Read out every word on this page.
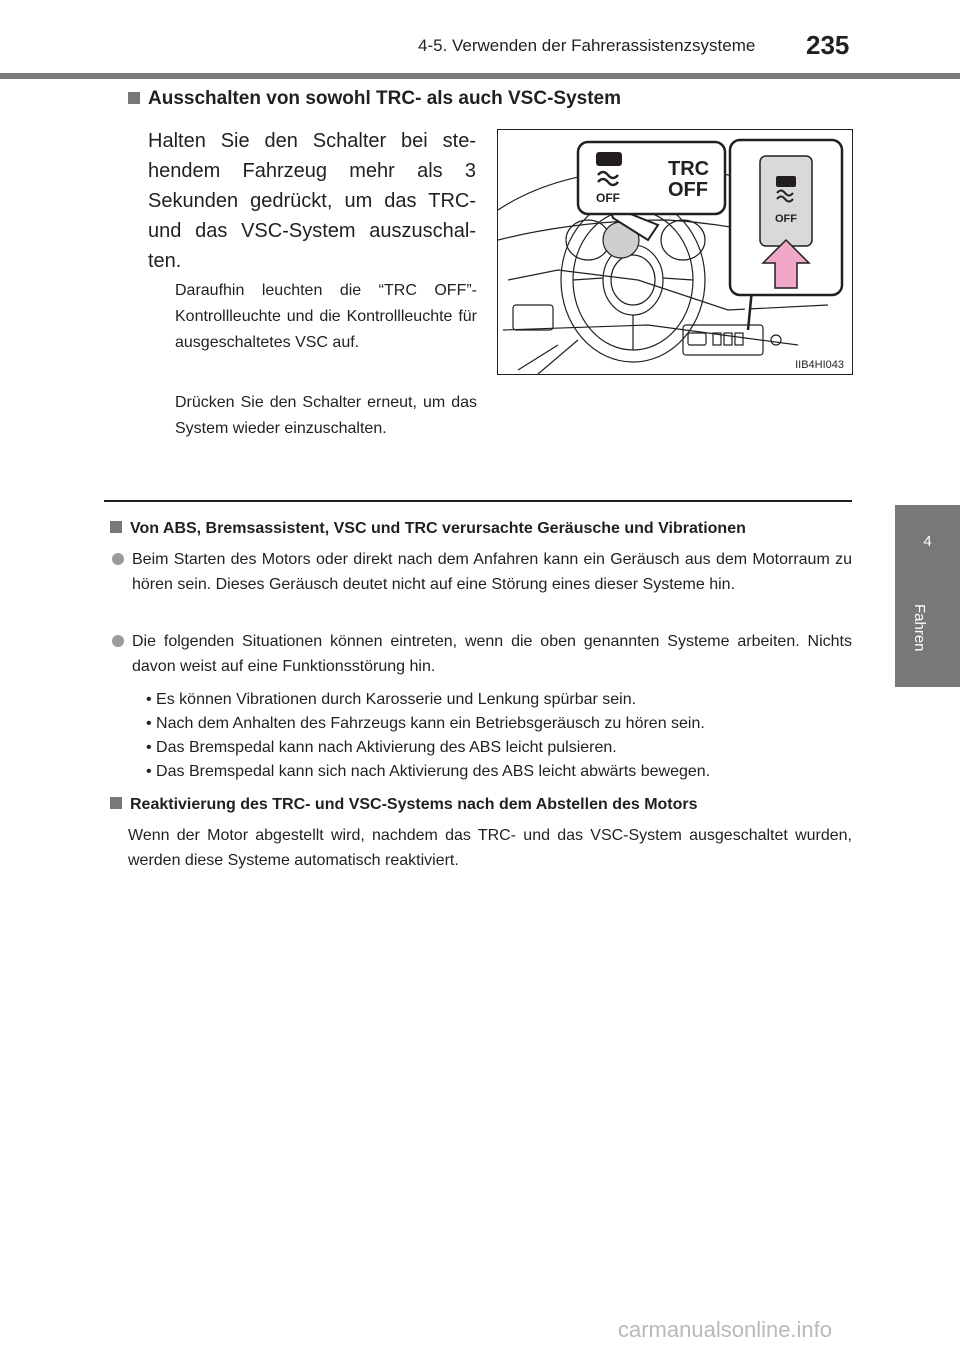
4-5. Verwenden der Fahrerassistenzsysteme 235
4
Fahren
Ausschalten von sowohl TRC- als auch VSC-System
Halten Sie den Schalter bei stehendem Fahrzeug mehr als 3 Sekunden gedrückt, um das TRC- und das VSC-System auszuschalten.
Daraufhin leuchten die “TRC OFF”-Kontrollleuchte und die Kontrollleuchte für ausgeschaltetes VSC auf.
Drücken Sie den Schalter erneut, um das System wieder einzuschalten.
OFF
TRC
OFF
OFF
IIB4HI043
Von ABS, Bremsassistent, VSC und TRC verursachte Geräusche und Vibrationen
Beim Starten des Motors oder direkt nach dem Anfahren kann ein Geräusch aus dem Motorraum zu hören sein. Dieses Geräusch deutet nicht auf eine Störung eines dieser Systeme hin.
Die folgenden Situationen können eintreten, wenn die oben genannten Systeme arbeiten. Nichts davon weist auf eine Funktionsstörung hin.
• Es können Vibrationen durch Karosserie und Lenkung spürbar sein.
• Nach dem Anhalten des Fahrzeugs kann ein Betriebsgeräusch zu hören sein.
• Das Bremspedal kann nach Aktivierung des ABS leicht pulsieren.
• Das Bremspedal kann sich nach Aktivierung des ABS leicht abwärts bewegen.
Reaktivierung des TRC- und VSC-Systems nach dem Abstellen des Motors
Wenn der Motor abgestellt wird, nachdem das TRC- und das VSC-System ausgeschaltet wurden, werden diese Systeme automatisch reaktiviert.
carmanualsonline.info
